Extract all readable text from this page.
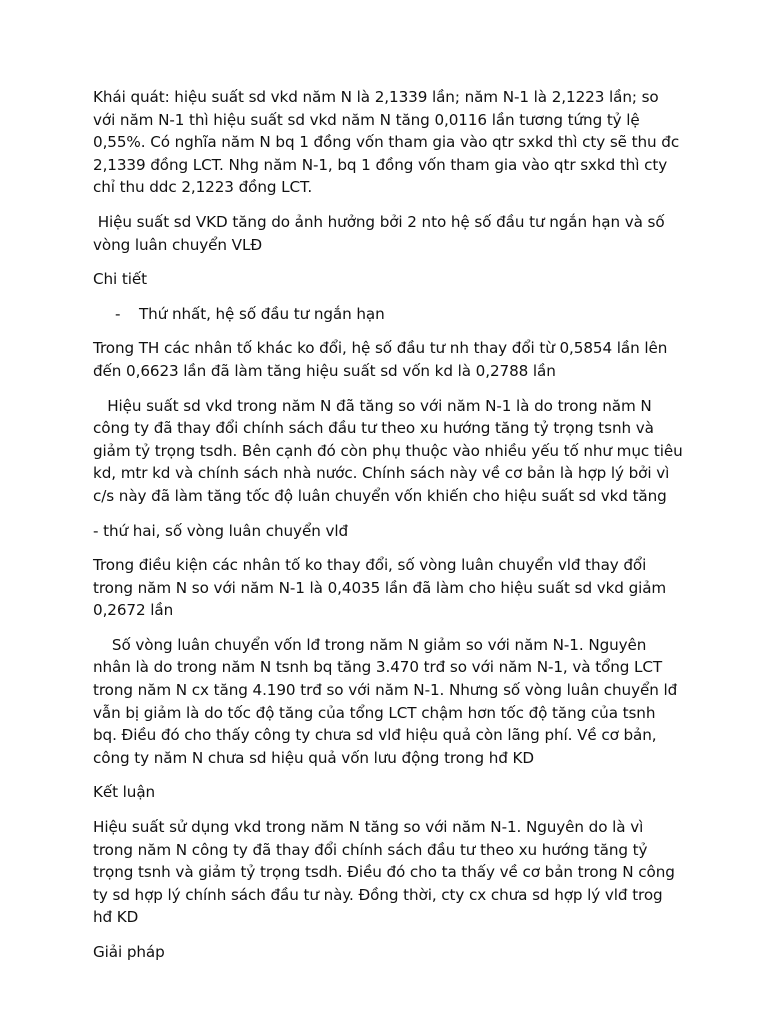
Khái quát: hiệu suất sd vkd năm N là 2,1339 lần; năm N-1 là 2,1223 lần; so với năm N-1 thì hiệu suất sd vkd năm N tăng 0,0116 lần tương tứng tỷ lệ 0,55%. Có nghĩa năm N bq 1 đồng vốn tham gia vào qtr sxkd thì cty sẽ thu đc 2,1339 đồng LCT. Nhg năm N-1, bq 1 đồng vốn tham gia vào qtr sxkd thì cty chỉ thu ddc 2,1223 đồng LCT.

Hiệu suất sd VKD tăng do ảnh hưởng bởi 2 nto hệ số đầu tư ngắn hạn và số vòng luân chuyển VLĐ

Chi tiết

-	Thứ nhất, hệ số đầu tư ngắn hạn

Trong TH các nhân tố khác ko đổi, hệ số đầu tư nh thay đổi từ 0,5854 lần lên đến 0,6623 lần đã làm tăng hiệu suất sd vốn kd là 0,2788 lần

Hiệu suất sd vkd trong năm N đã tăng so với năm N-1 là do trong năm N công ty đã thay đổi chính sách đầu tư theo xu hướng tăng tỷ trọng tsnh và giảm tỷ trọng tsdh. Bên cạnh đó còn phụ thuộc vào nhiều yếu tố như mục tiêu kd, mtr kd và chính sách nhà nước. Chính sách này về cơ bản là hợp lý bởi vì c/s này đã làm tăng tốc độ luân chuyển vốn khiến cho hiệu suất sd vkd tăng

- thứ hai, số vòng luân chuyển vlđ

Trong điều kiện các nhân tố ko thay đổi, số vòng luân chuyển vlđ thay đổi trong năm N so với năm N-1 là 0,4035 lần đã làm cho hiệu suất sd vkd giảm 0,2672 lần

Số vòng luân chuyển vốn lđ trong năm N giảm so với năm N-1. Nguyên nhân là do trong năm N tsnh bq tăng 3.470 trđ so với năm N-1, và tổng LCT trong năm N cx tăng 4.190 trđ so với năm N-1. Nhưng số vòng luân chuyển lđ vẫn bị giảm là do tốc độ tăng của tổng LCT chậm hơn tốc độ tăng của tsnh bq. Điều đó cho thấy công ty chưa sd vlđ hiệu quả còn lãng phí. Về cơ bản, công ty năm N chưa sd hiệu quả vốn lưu động trong hđ KD

Kết luận

Hiệu suất sử dụng vkd trong năm N tăng so với năm N-1. Nguyên do là vì trong năm N công ty đã thay đổi chính sách đầu tư theo xu hướng tăng tỷ trọng tsnh và giảm tỷ trọng tsdh. Điều đó cho ta thấy về cơ bản trong N công ty sd hợp lý chính sách đầu tư này. Đồng thời, cty cx chưa sd hợp lý vlđ trog hđ KD

Giải pháp
